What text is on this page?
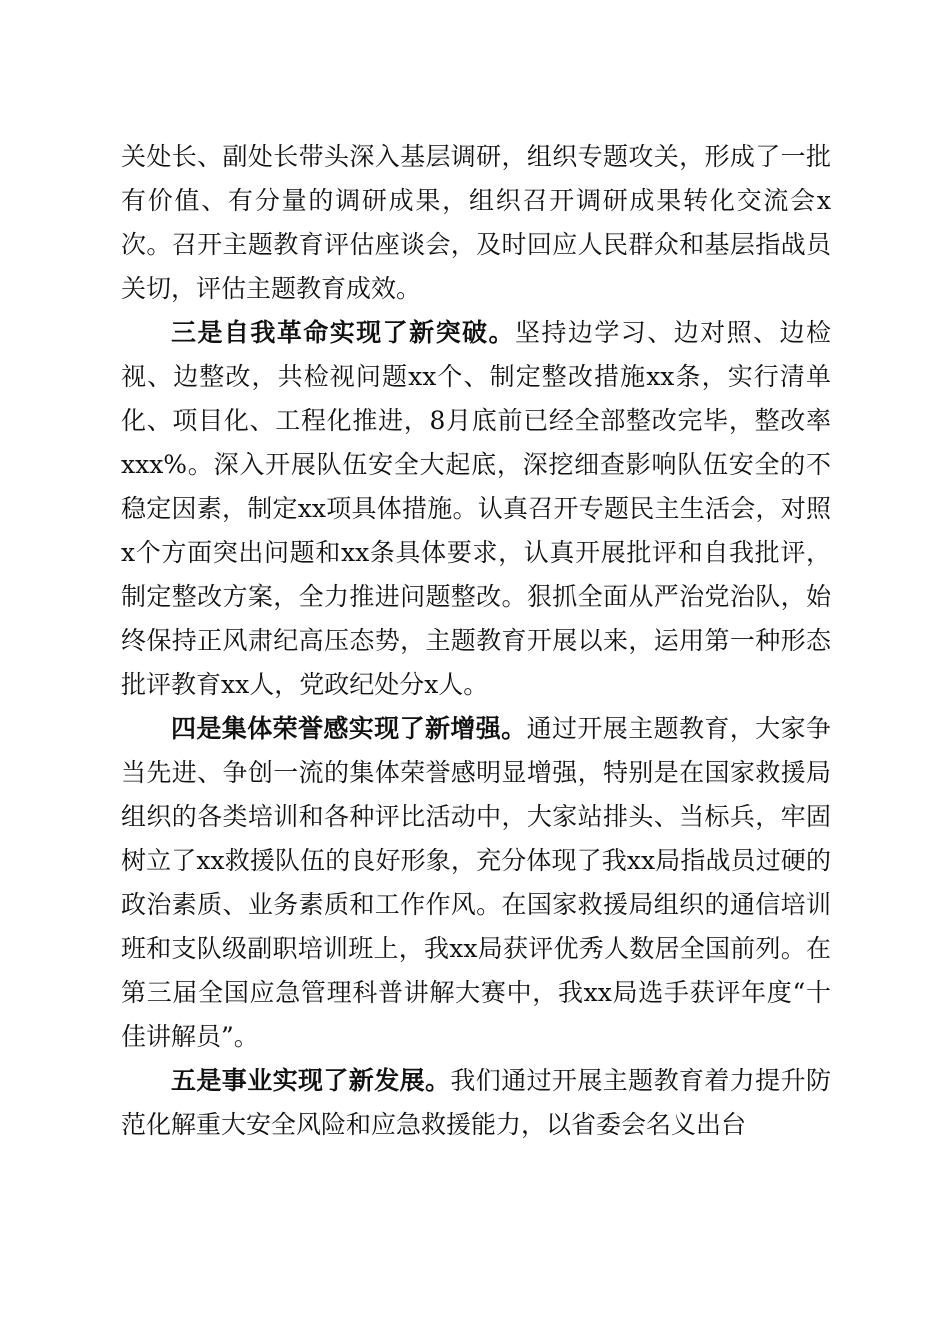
关处长、副处长带头深入基层调研，组织专题攻关，形成了一批有价值、有分量的调研成果，组织召开调研成果转化交流会x次。召开主题教育评估座谈会，及时回应人民群众和基层指战员关切，评估主题教育成效。

三是自我革命实现了新突破。坚持边学习、边对照、边检视、边整改，共检视问题xx个、制定整改措施xx条，实行清单化、项目化、工程化推进，8月底前已经全部整改完毕，整改率xxx%。深入开展队伍安全大起底，深挖细查影响队伍安全的不稳定因素，制定xx项具体措施。认真召开专题民主生活会，对照x个方面突出问题和xx条具体要求，认真开展批评和自我批评，制定整改方案，全力推进问题整改。狠抓全面从严治党治队，始终保持正风肃纪高压态势，主题教育开展以来，运用第一种形态批评教育xx人，党政纪处分x人。

四是集体荣誉感实现了新增强。通过开展主题教育，大家争当先进、争创一流的集体荣誉感明显增强，特别是在国家救援局组织的各类培训和各种评比活动中，大家站排头、当标兵，牢固树立了xx救援队伍的良好形象，充分体现了我xx局指战员过硬的政治素质、业务素质和工作作风。在国家救援局组织的通信培训班和支队级副职培训班上，我xx局获评优秀人数居全国前列。在第三届全国应急管理科普讲解大赛中，我xx局选手获评年度“十佳讲解员”。

五是事业实现了新发展。我们通过开展主题教育着力提升防范化解重大安全风险和应急救援能力，以省委会名义出台
